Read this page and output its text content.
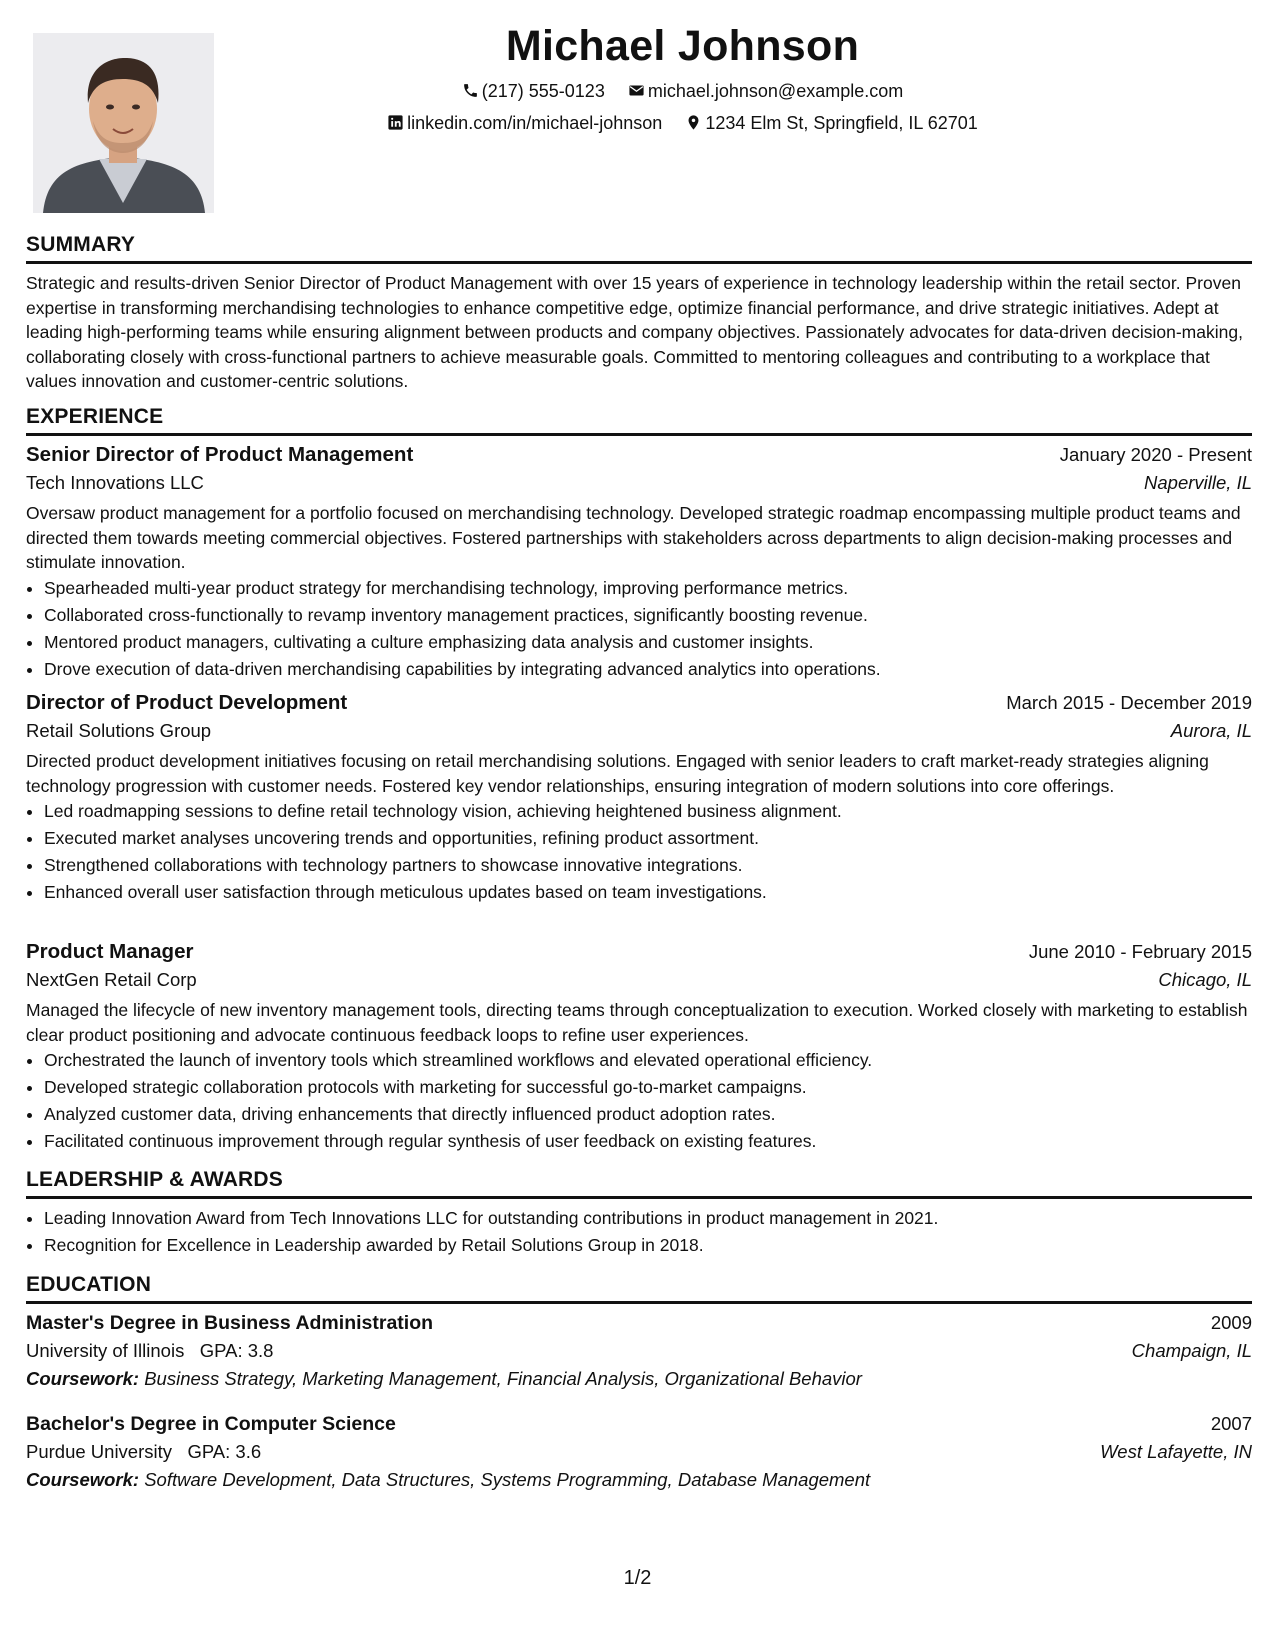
Michael Johnson
(217) 555-0123 michael.johnson@example.com
linkedin.com/in/michael-johnson 1234 Elm St, Springfield, IL 62701
SUMMARY

Strategic and results-driven Senior Director of Product Management with over 15 years of experience in technology leadership within the retail sector. Proven expertise in transforming merchandising technologies to enhance competitive edge, optimize financial performance, and drive strategic initiatives. Adept at leading high-performing teams while ensuring alignment between products and company objectives. Passionately advocates for data-driven decision-making, collaborating closely with cross-functional partners to achieve measurable goals. Committed to mentoring colleagues and contributing to a workplace that values innovation and customer-centric solutions.

EXPERIENCE
Senior Director of Product Management	January 2020 - Present
Tech Innovations LLC	Naperville, IL

Oversaw product management for a portfolio focused on merchandising technology. Developed strategic roadmap encompassing multiple product teams and directed them towards meeting commercial objectives. Fostered partnerships with stakeholders across departments to align decision-making processes and stimulate innovation.

• Spearheaded multi-year product strategy for merchandising technology, improving performance metrics.
• Collaborated cross-functionally to revamp inventory management practices, significantly boosting revenue.
• Mentored product managers, cultivating a culture emphasizing data analysis and customer insights.
• Drove execution of data-driven merchandising capabilities by integrating advanced analytics into operations.
Director of Product Development	March 2015 - December 2019
Retail Solutions Group	Aurora, IL

Directed product development initiatives focusing on retail merchandising solutions. Engaged with senior leaders to craft market-ready strategies aligning technology progression with customer needs. Fostered key vendor relationships, ensuring integration of modern solutions into core offerings.

• Led roadmapping sessions to define retail technology vision, achieving heightened business alignment.
• Executed market analyses uncovering trends and opportunities, refining product assortment.
• Strengthened collaborations with technology partners to showcase innovative integrations.
• Enhanced overall user satisfaction through meticulous updates based on team investigations.
Product Manager	June 2010 - February 2015
NextGen Retail Corp	Chicago, IL

Managed the lifecycle of new inventory management tools, directing teams through conceptualization to execution. Worked closely with marketing to establish clear product positioning and advocate continuous feedback loops to refine user experiences.

• Orchestrated the launch of inventory tools which streamlined workflows and elevated operational efficiency.
• Developed strategic collaboration protocols with marketing for successful go-to-market campaigns.
• Analyzed customer data, driving enhancements that directly influenced product adoption rates.
• Facilitated continuous improvement through regular synthesis of user feedback on existing features.
LEADERSHIP & AWARDS
• Leading Innovation Award from Tech Innovations LLC for outstanding contributions in product management in 2021.
• Recognition for Excellence in Leadership awarded by Retail Solutions Group in 2018.
EDUCATION
Master's Degree in Business Administration	2009
University of Illinois GPA: 3.8	Champaign, IL
Coursework: Business Strategy, Marketing Management, Financial Analysis, Organizational Behavior
Bachelor's Degree in Computer Science	2007
Purdue University GPA: 3.6	West Lafayette, IN
Coursework: Software Development, Data Structures, Systems Programming, Database Management
1/2
